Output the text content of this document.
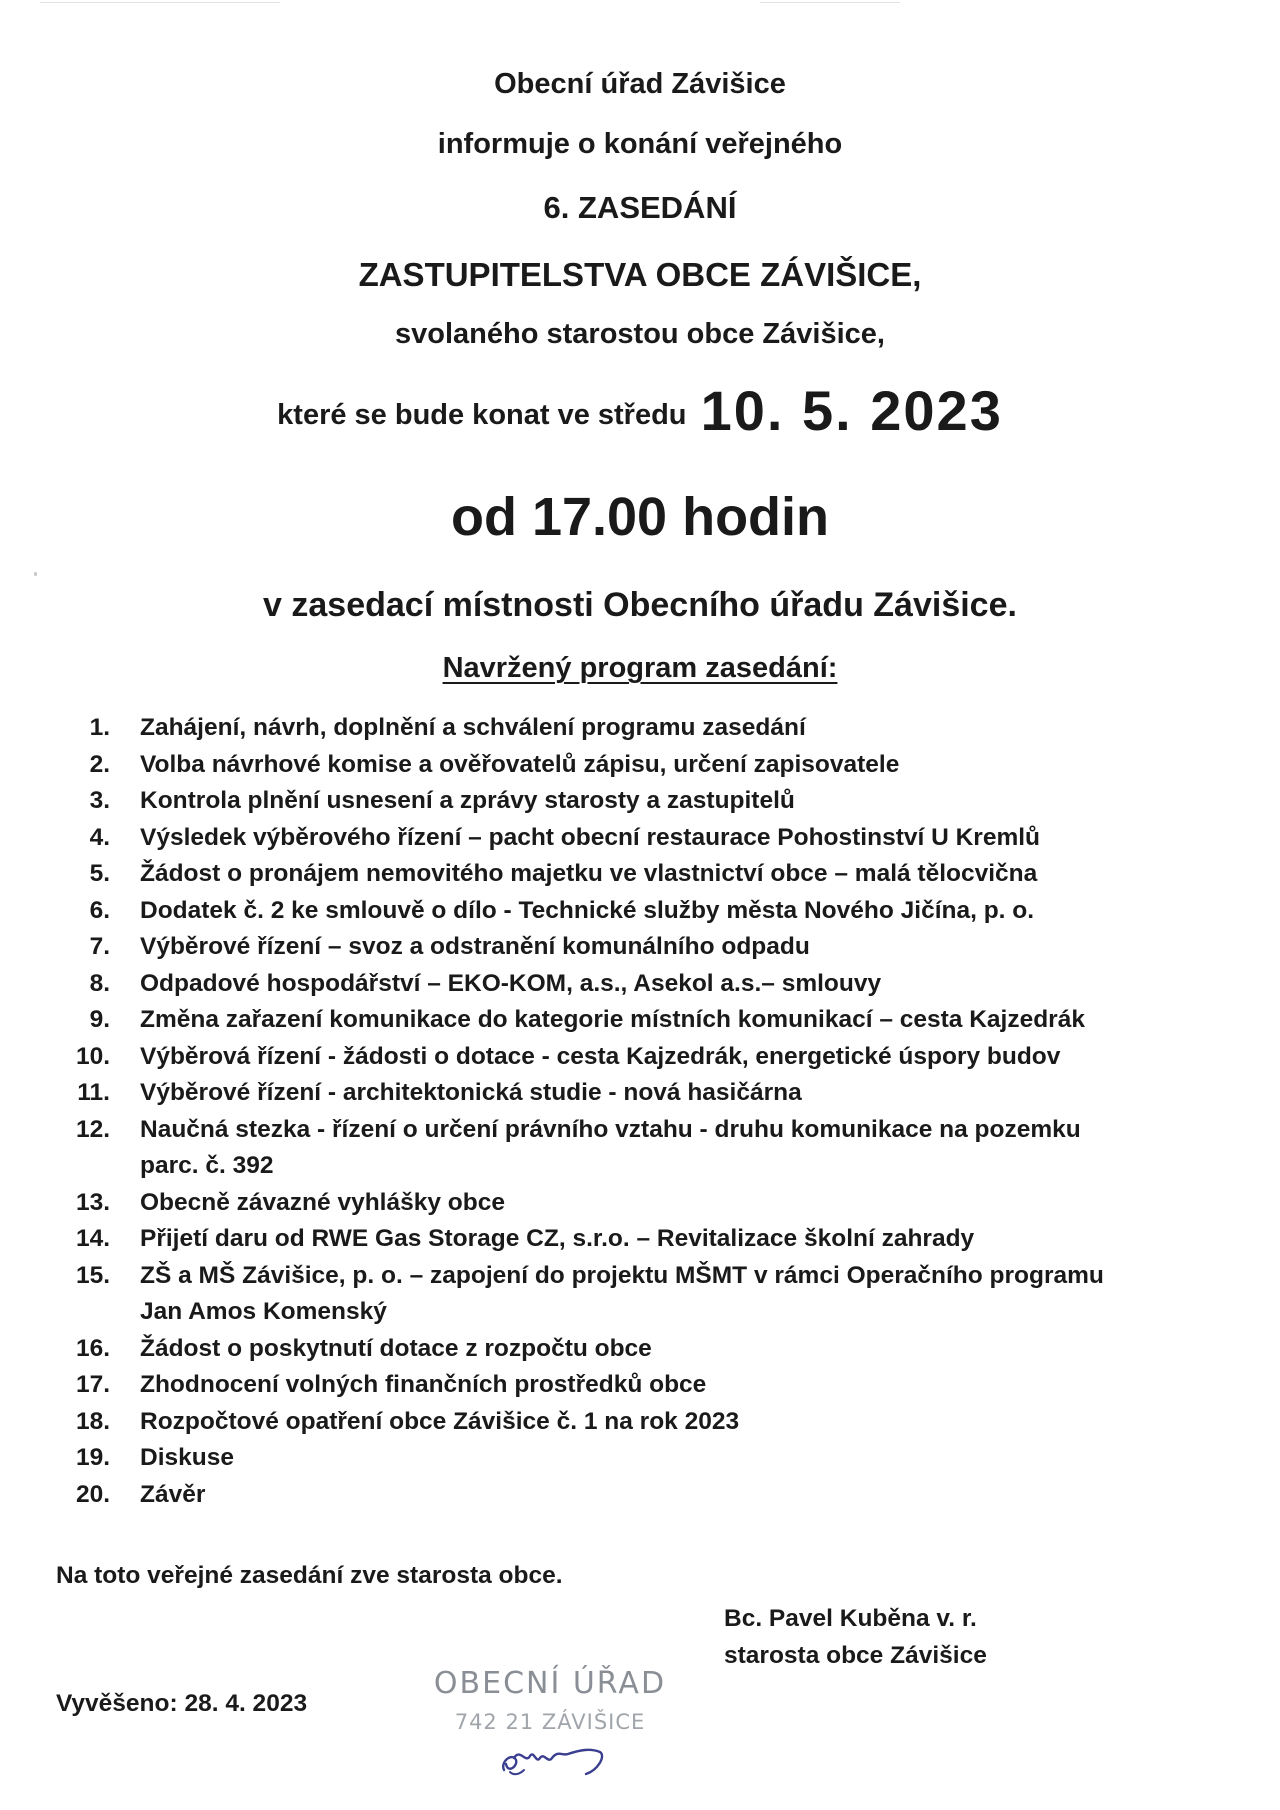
Obecní úřad Závišice
informuje o konání veřejného
6. ZASEDÁNÍ
ZASTUPITELSTVA OBCE ZÁVIŠICE,
svolaného starostou obce Závišice,
které se bude konat ve středu 10. 5. 2023
od 17.00 hodin
v zasedací místnosti Obecního úřadu Závišice.
Navržený program zasedání:
1. Zahájení, návrh, doplnění a schválení programu zasedání
2. Volba návrhové komise a ověřovatelů zápisu, určení zapisovatele
3. Kontrola plnění usnesení a zprávy starosty a zastupitelů
4. Výsledek výběrového řízení – pacht obecní restaurace Pohostinství U Kremlů
5. Žádost o pronájem nemovitého majetku ve vlastnictví obce – malá tělocvična
6. Dodatek č. 2 ke smlouvě o dílo - Technické služby města Nového Jičína, p. o.
7. Výběrové řízení – svoz a odstranění komunálního odpadu
8. Odpadové hospodářství – EKO-KOM, a.s., Asekol a.s.– smlouvy
9. Změna zařazení komunikace do kategorie místních komunikací – cesta Kajzedrák
10. Výběrová řízení - žádosti o dotace - cesta Kajzedrák, energetické úspory budov
11. Výběrové řízení - architektonická studie - nová hasičárna
12. Naučná stezka - řízení o určení právního vztahu - druhu komunikace na pozemku
parc. č. 392
13. Obecně závazné vyhlášky obce
14. Přijetí daru od RWE Gas Storage CZ, s.r.o. – Revitalizace školní zahrady
15. ZŠ a MŠ Závišice, p. o. – zapojení do projektu MŠMT v rámci Operačního programu
Jan Amos Komenský
16. Žádost o poskytnutí dotace z rozpočtu obce
17. Zhodnocení volných finančních prostředků obce
18. Rozpočtové opatření obce Závišice č. 1 na rok 2023
19. Diskuse
20. Závěr
Na toto veřejné zasedání zve starosta obce.
Bc. Pavel Kuběna v. r.
starosta obce Závišice
Vyvěšeno: 28. 4. 2023
OBECNÍ ÚŘAD
742 21 ZÁVIŠICE
